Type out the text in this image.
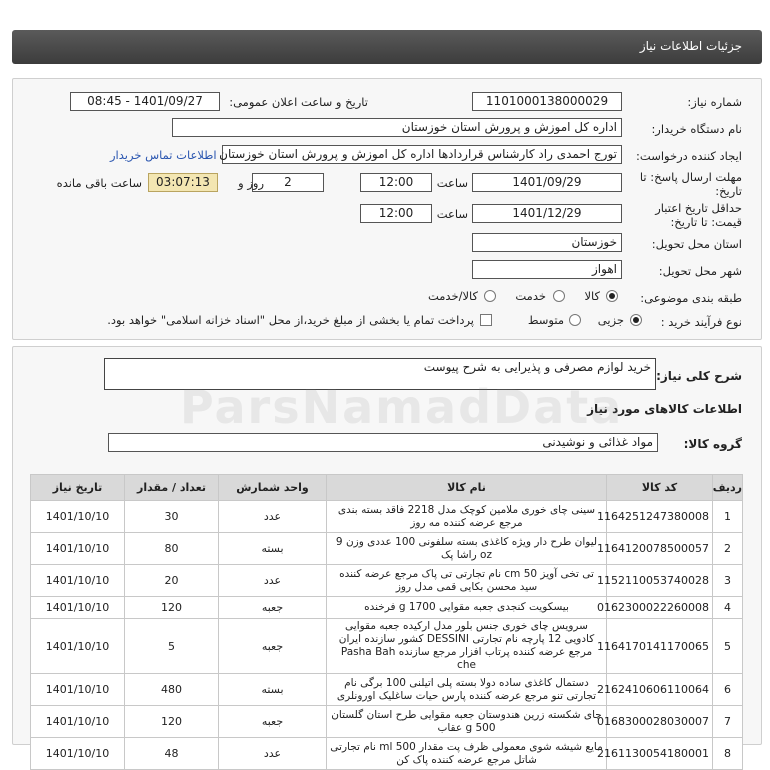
جزئیات اطلاعات نیاز
شماره نیاز:
1101000138000029
تاریخ و ساعت اعلان عمومی:
1401/09/27 - 08:45
نام دستگاه خریدار:
اداره کل اموزش و پرورش استان خوزستان
ایجاد کننده درخواست:
تورج احمدی راد کارشناس قراردادها اداره کل اموزش و پرورش استان خوزستان
اطلاعات تماس خریدار
مهلت ارسال پاسخ: تا
تاریخ:
1401/09/29
ساعت
12:00
2
روز و
03:07:13
ساعت باقی مانده
حداقل تاریخ اعتبار
قیمت: تا تاریخ:
1401/12/29
ساعت
12:00
استان محل تحویل:
خوزستان
شهر محل تحویل:
اهواز
طبقه بندی موضوعی:
کالا
خدمت
کالا/خدمت
نوع فرآیند خرید :
جزیی
متوسط
پرداخت تمام یا بخشی از مبلغ خرید،از محل "اسناد خزانه اسلامی" خواهد بود.
شرح کلی نیاز:
خرید لوازم مصرفی و پذیرایی به شرح پیوست
اطلاعات کالاهای مورد نیاز
گروه کالا:
مواد غذائی و نوشیدنی
ردیف	کد کالا	نام کالا	واحد شمارش	تعداد / مقدار	تاریخ نیاز
1	1164251247380008	سینی چای خوری ملامین کوچک مدل 2218 فاقد بسته بندی مرجع عرضه کننده مه روز	عدد	30	1401/10/10
2	1164120078500057	لیوان طرح دار ویژه کاغذی بسته سلفونی 100 عددی وزن 9 oz راشا پک	بسته	80	1401/10/10
3	1152110053740028	تی تخی آویز 50 cm نام تجارتی تی پاک مرجع عرضه کننده سید محسن بکایی قمی مدل روز	عدد	20	1401/10/10
4	0162300022260008	بیسکویت کنجدی جعبه مقوایی 1700 g فرخنده	جعبه	120	1401/10/10
5	1164170141170065	سرویس چای خوری جنس بلور مدل ارکیده جعبه مقوایی کادویی 12 پارچه نام تجارتی DESSINI کشور سازنده ایران مرجع عرضه کننده پرتاب افزار مرجع سازنده Pasha Bah che	جعبه	5	1401/10/10
6	2162410606110064	دستمال کاغذی ساده دولا بسته پلی اتیلنی 100 برگی نام تجارتی تنو مرجع عرضه کننده پارس حیات ساغلیک اورونلری	بسته	480	1401/10/10
7	0168300028030007	چای شکسته زرین هندوستان جعبه مقوایی طرح استان گلستان 500 g عقاب	جعبه	120	1401/10/10
8	2161130054180001	مایع شیشه شوی معمولی ظرف پت مقدار 500 ml نام تجارتی شاتل مرجع عرضه کننده پاک کن	عدد	48	1401/10/10
